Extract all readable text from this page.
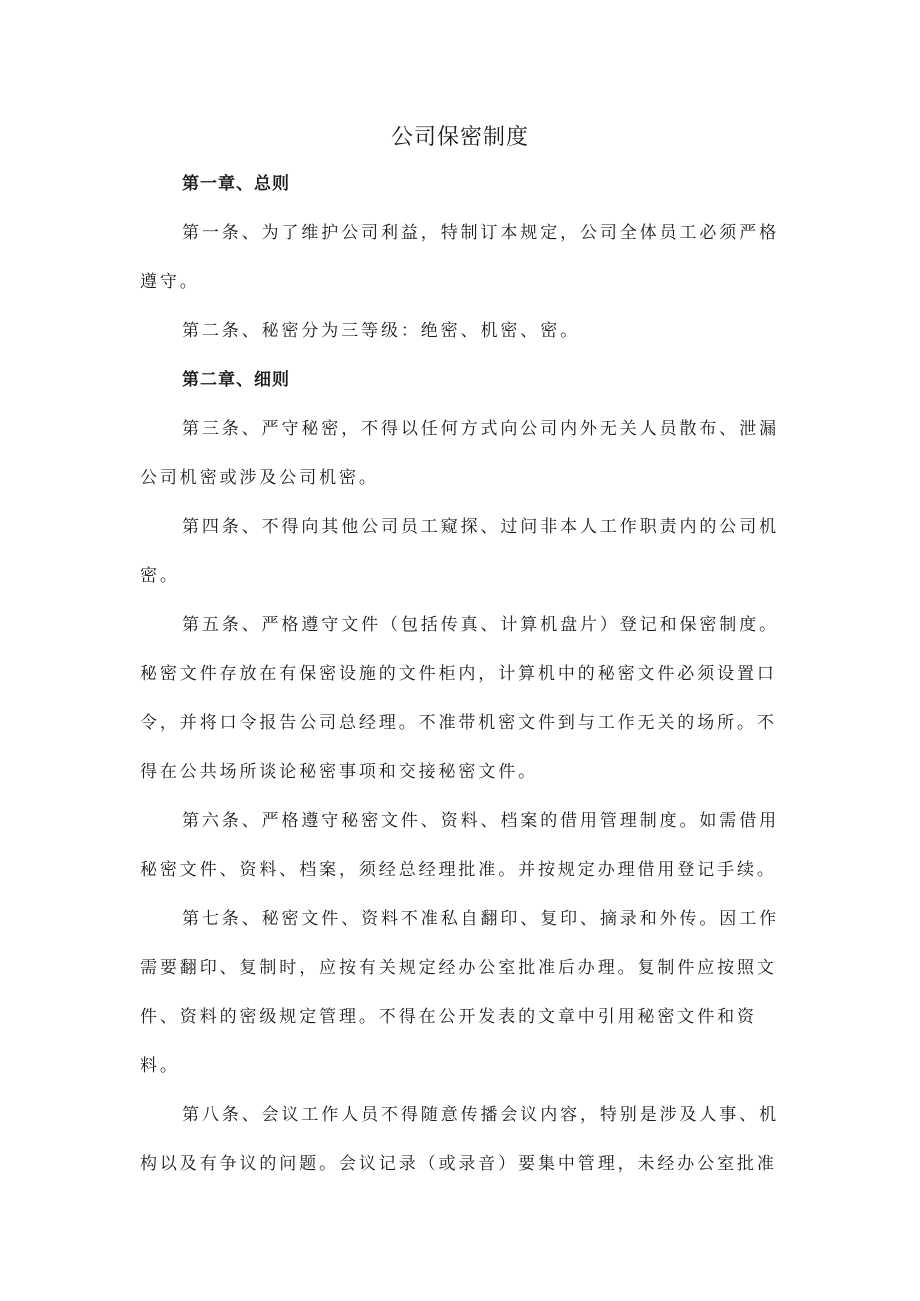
公司保密制度

第一章、总则

第一条、为了维护公司利益，特制订本规定，公司全体员工必须严格遵守。

第二条、秘密分为三等级：绝密、机密、密。

第二章、细则

第三条、严守秘密，不得以任何方式向公司内外无关人员散布、泄漏公司机密或涉及公司机密。

第四条、不得向其他公司员工窥探、过问非本人工作职责内的公司机密。

第五条、严格遵守文件（包括传真、计算机盘片）登记和保密制度。秘密文件存放在有保密设施的文件柜内，计算机中的秘密文件必须设置口令，并将口令报告公司总经理。不准带机密文件到与工作无关的场所。不得在公共场所谈论秘密事项和交接秘密文件。

第六条、严格遵守秘密文件、资料、档案的借用管理制度。如需借用秘密文件、资料、档案，须经总经理批准。并按规定办理借用登记手续。

第七条、秘密文件、资料不准私自翻印、复印、摘录和外传。因工作需要翻印、复制时，应按有关规定经办公室批准后办理。复制件应按照文件、资料的密级规定管理。不得在公开发表的文章中引用秘密文件和资料。

第八条、会议工作人员不得随意传播会议内容，特别是涉及人事、机构以及有争议的问题。会议记录（或录音）要集中管理，未经办公室批准
